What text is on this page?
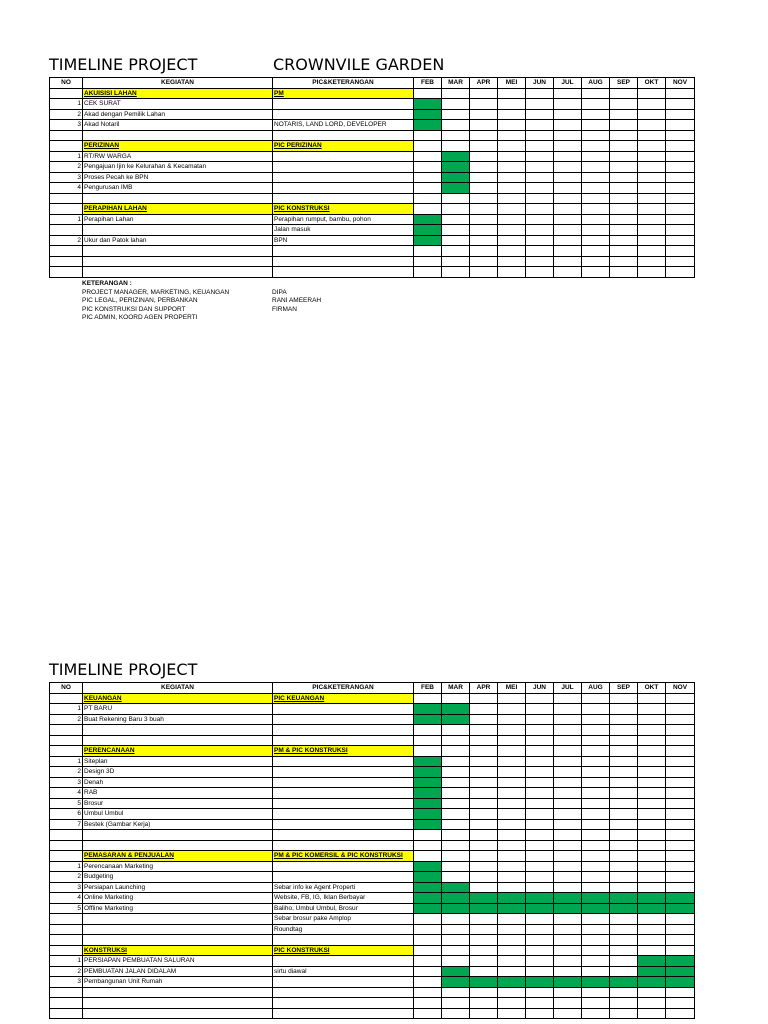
TIMELINE PROJECT	CROWNVILE GARDEN
NO	KEGIATAN	PIC&KETERANGAN	FEB	MAR	APR	MEI	JUN	JUL	AUG	SEP	OKT	NOV
	AKUISISI LAHAN	PM										
1	CEK SURAT											
2	Akad dengan Pemilik Lahan											
3	Akad Notaril	NOTARIS, LAND LORD, DEVELOPER										

	PERIZINAN	PIC PERIZINAN										
1	RT/RW WARGA											
2	Pengajuan Ijin ke Kelurahan & Kecamatan											
3	Proses Pecah ke BPN											
4	Pengurusan IMB											

	PERAPIHAN LAHAN	PIC KONSTRUKSI										
1	Perapihan Lahan	Perapihan rumput, bambu, pohon										
		Jalan masuk										
2	Ukur dan Patok lahan	BPN										

KETERANGAN :
PROJECT MANAGER, MARKETING, KEUANGAN	DIPA
PIC LEGAL, PERIZINAN, PERBANKAN	RANI AMEERAH
PIC KONSTRUKSI DAN SUPPORT	FIRMAN
PIC ADMIN, KOORD AGEN PROPERTI
TIMELINE PROJECT
NO	KEGIATAN	PIC&KETERANGAN	FEB	MAR	APR	MEI	JUN	JUL	AUG	SEP	OKT	NOV
	KEUANGAN	PIC KEUANGAN										
1	PT BARU											
2	Buat Rekening Baru 3 buah											

	PERENCANAAN	PM & PIC KONSTRUKSI										
1	Siteplan											
2	Design 3D											
3	Denah											
4	RAB											
5	Brosur											
6	Umbul Umbul											
7	Bestek (Gambar Kerja)											

	PEMASARAN & PENJUALAN	PM & PIC KOMERSIL & PIC KONSTRUKSI										
1	Perencanaan Marketing											
2	Budgeting											
3	Persiapan Launching	Sebar info ke Agent Properti										
4	Online Marketing	Website, FB, IG, Iklan Berbayar										
5	Offline Marketing	Baliho, Umbul Umbul, Brosur										
		Sebar brosur pake Amplop										
		Roundtag										

	KONSTRUKSI	PIC KONSTRUKSI										
1	PERSIAPAN PEMBUATAN SALURAN											
2	PEMBUATAN JALAN DIDALAM	sirtu diawal										
3	Pembangunan Unit Rumah											
